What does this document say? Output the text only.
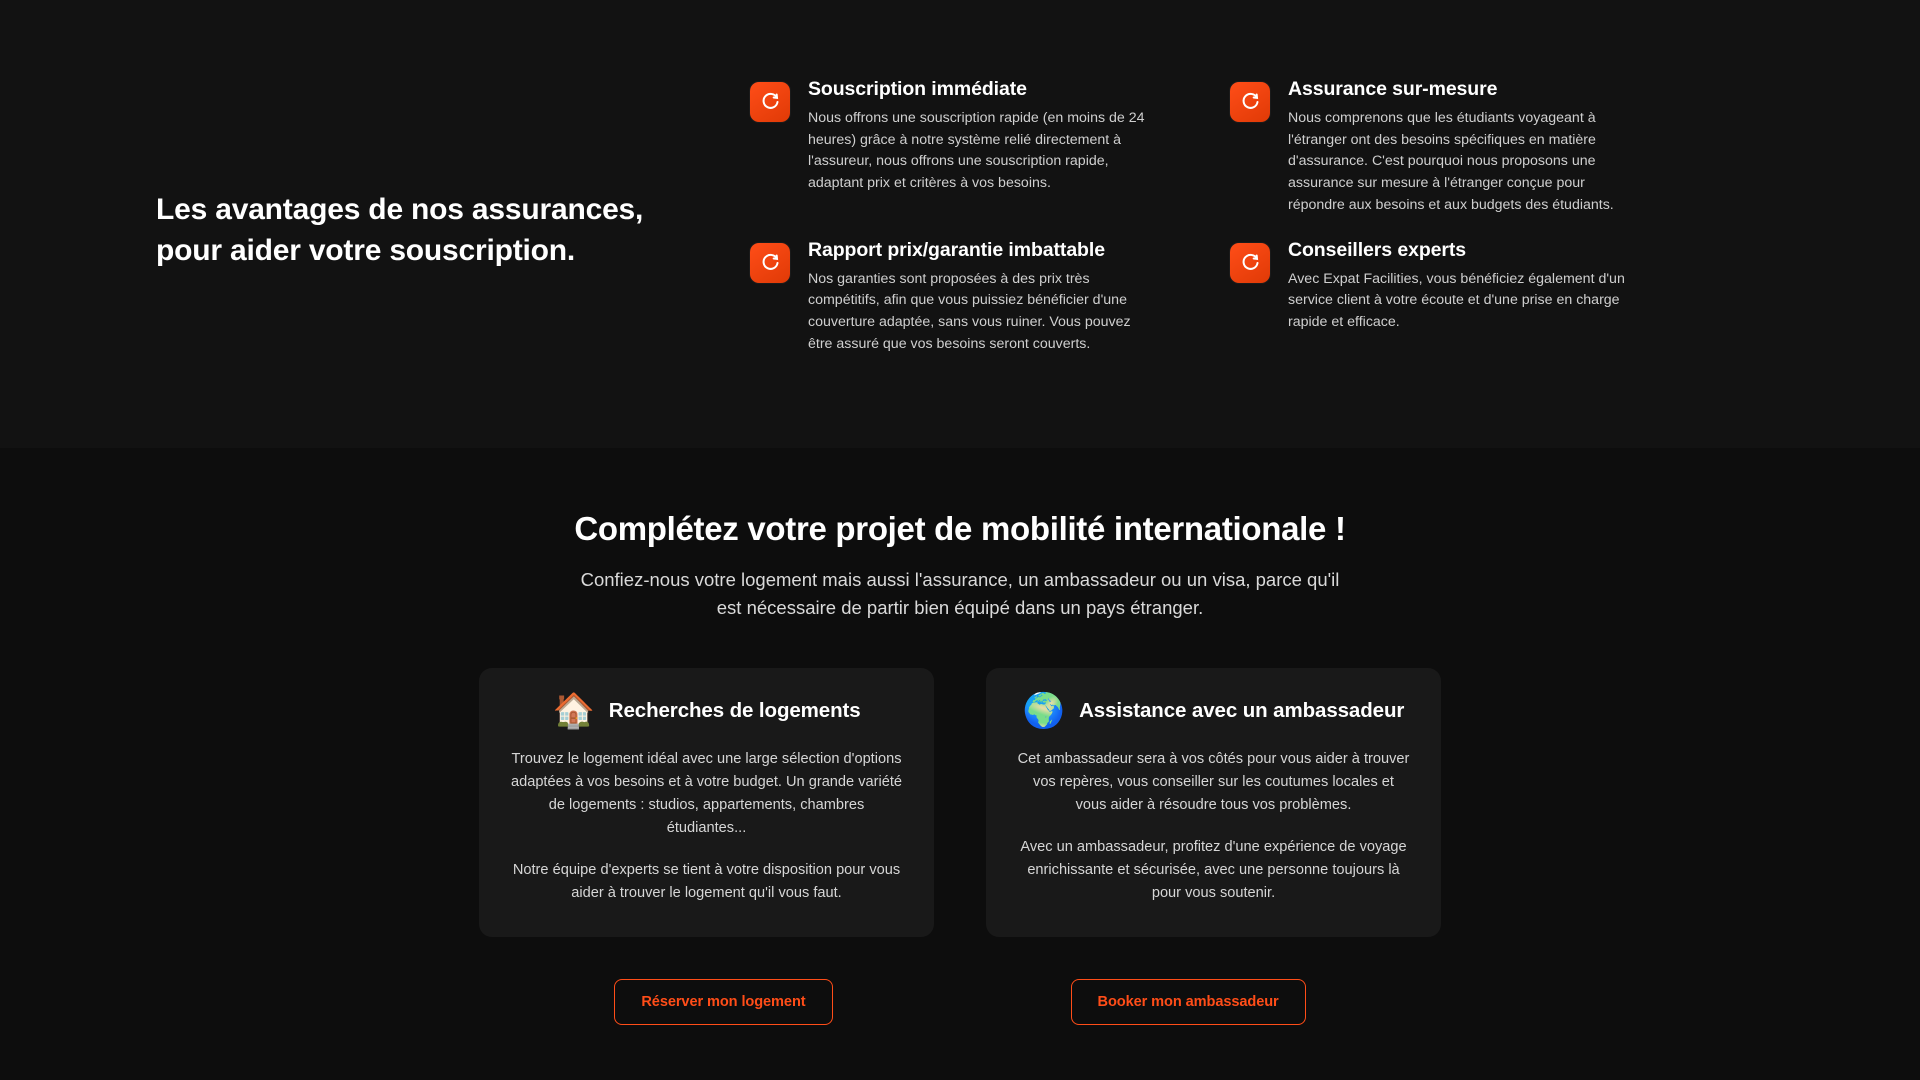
Les avantages de nos assurances,
pour aider votre souscription.
Souscription immédiate

Nous offrons une souscription rapide (en moins de 24 heures) grâce à notre système relié directement à l'assureur, nous offrons une souscription rapide, adaptant prix et critères à vos besoins.

Assurance sur-mesure

Nous comprenons que les étudiants voyageant à l'étranger ont des besoins spécifiques en matière d'assurance. C'est pourquoi nous proposons une assurance sur mesure à l'étranger conçue pour répondre aux besoins et aux budgets des étudiants.

Rapport prix/garantie imbattable

Nos garanties sont proposées à des prix très compétitifs, afin que vous puissiez bénéficier d'une couverture adaptée, sans vous ruiner. Vous pouvez être assuré que vos besoins seront couverts.

Conseillers experts

Avec Expat Facilities, vous bénéficiez également d'un service client à votre écoute et d'une prise en charge rapide et efficace.

Complétez votre projet de mobilité internationale !

Confiez-nous votre logement mais aussi l'assurance, un ambassadeur ou un visa, parce qu'il est nécessaire de partir bien équipé dans un pays étranger.

🏠 Recherches de logements

Trouvez le logement idéal avec une large sélection d'options adaptées à vos besoins et à votre budget. Un grande variété de logements : studios, appartements, chambres étudiantes...

Notre équipe d'experts se tient à votre disposition pour vous aider à trouver le logement qu'il vous faut.

🌍 Assistance avec un ambassadeur

Cet ambassadeur sera à vos côtés pour vous aider à trouver vos repères, vous conseiller sur les coutumes locales et vous aider à résoudre tous vos problèmes.

Avec un ambassadeur, profitez d'une expérience de voyage enrichissante et sécurisée, avec une personne toujours là pour vous soutenir.

Réserver mon logement	Booker mon ambassadeur
